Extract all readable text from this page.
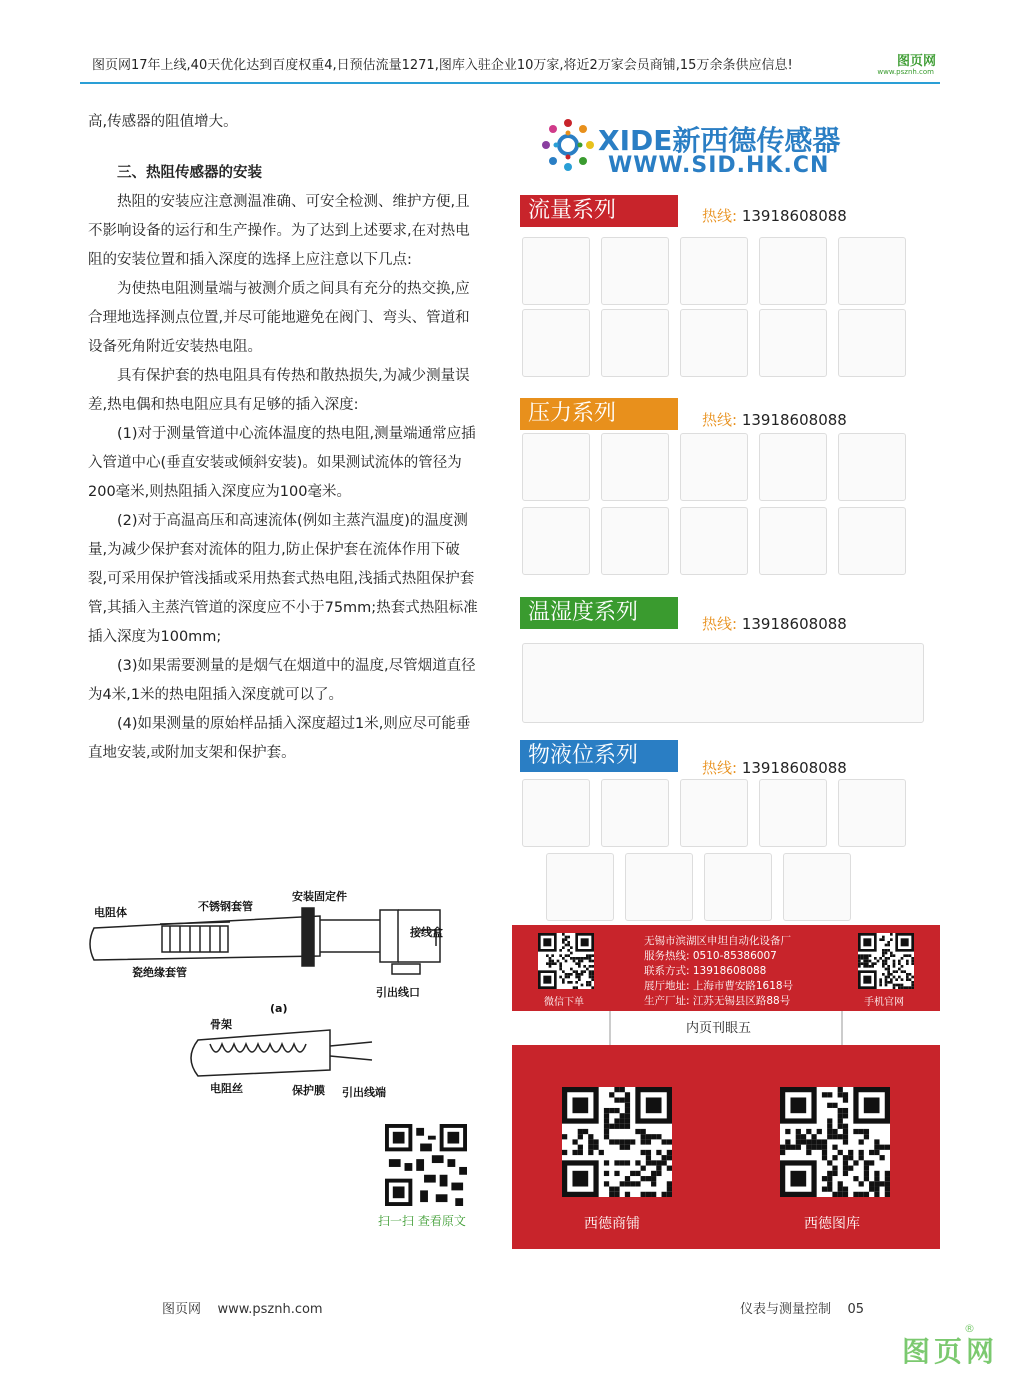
图页网17年上线,40天优化达到百度权重4,日预估流量1271,图库入驻企业10万家,将近2万家会员商铺,15万余条供应信息!	图页网
www.psznh.com

高,传感器的阻值增大。

三、热阻传感器的安装

热阻的安装应注意测温准确、可安全检测、维护方便,且不影响设备的运行和生产操作。为了达到上述要求,在对热电阻的安装位置和插入深度的选择上应注意以下几点:

为使热电阻测量端与被测介质之间具有充分的热交换,应合理地选择测点位置,并尽可能地避免在阀门、弯头、管道和设备死角附近安装热电阻。

具有保护套的热电阻具有传热和散热损失,为减少测量误差,热电偶和热电阻应具有足够的插入深度:

(1)对于测量管道中心流体温度的热电阻,测量端通常应插入管道中心(垂直安装或倾斜安装)。如果测试流体的管径为200毫米,则热阻插入深度应为100毫米。

(2)对于高温高压和高速流体(例如主蒸汽温度)的温度测量,为减少保护套对流体的阻力,防止保护套在流体作用下破裂,可采用保护管浅插或采用热套式热电阻,浅插式热阻保护套管,其插入主蒸汽管道的深度应不小于75mm;热套式热阻标准插入深度为100mm;

(3)如果需要测量的是烟气在烟道中的温度,尽管烟道直径为4米,1米的热电阻插入深度就可以了。

(4)如果测量的原始样品插入深度超过1米,则应尽可能垂直地安装,或附加支架和保护套。

电阻体	不锈钢套管
安装固定件
接线盒
瓷绝缘套管
引出线口
(a)
骨架
电阻丝	保护膜 引出线端
扫一扫 查看原文
图页网    www.psznh.com	仪表与测量控制    05
图页网
®
XIDE新西德传感器
WWW.SID.HK.CN
流量系列	热线: 13918608088
压力系列	热线: 13918608088
温湿度系列	热线: 13918608088
物液位系列	热线: 13918608088
微信下单
无锡市滨湖区申坦自动化设备厂
服务热线: 0510-85386007
联系方式: 13918608088
展厅地址: 上海市曹安路1618号
生产厂址: 江苏无锡县区路88号	手机官网
内页刊眼五
西德商铺	西德图库
